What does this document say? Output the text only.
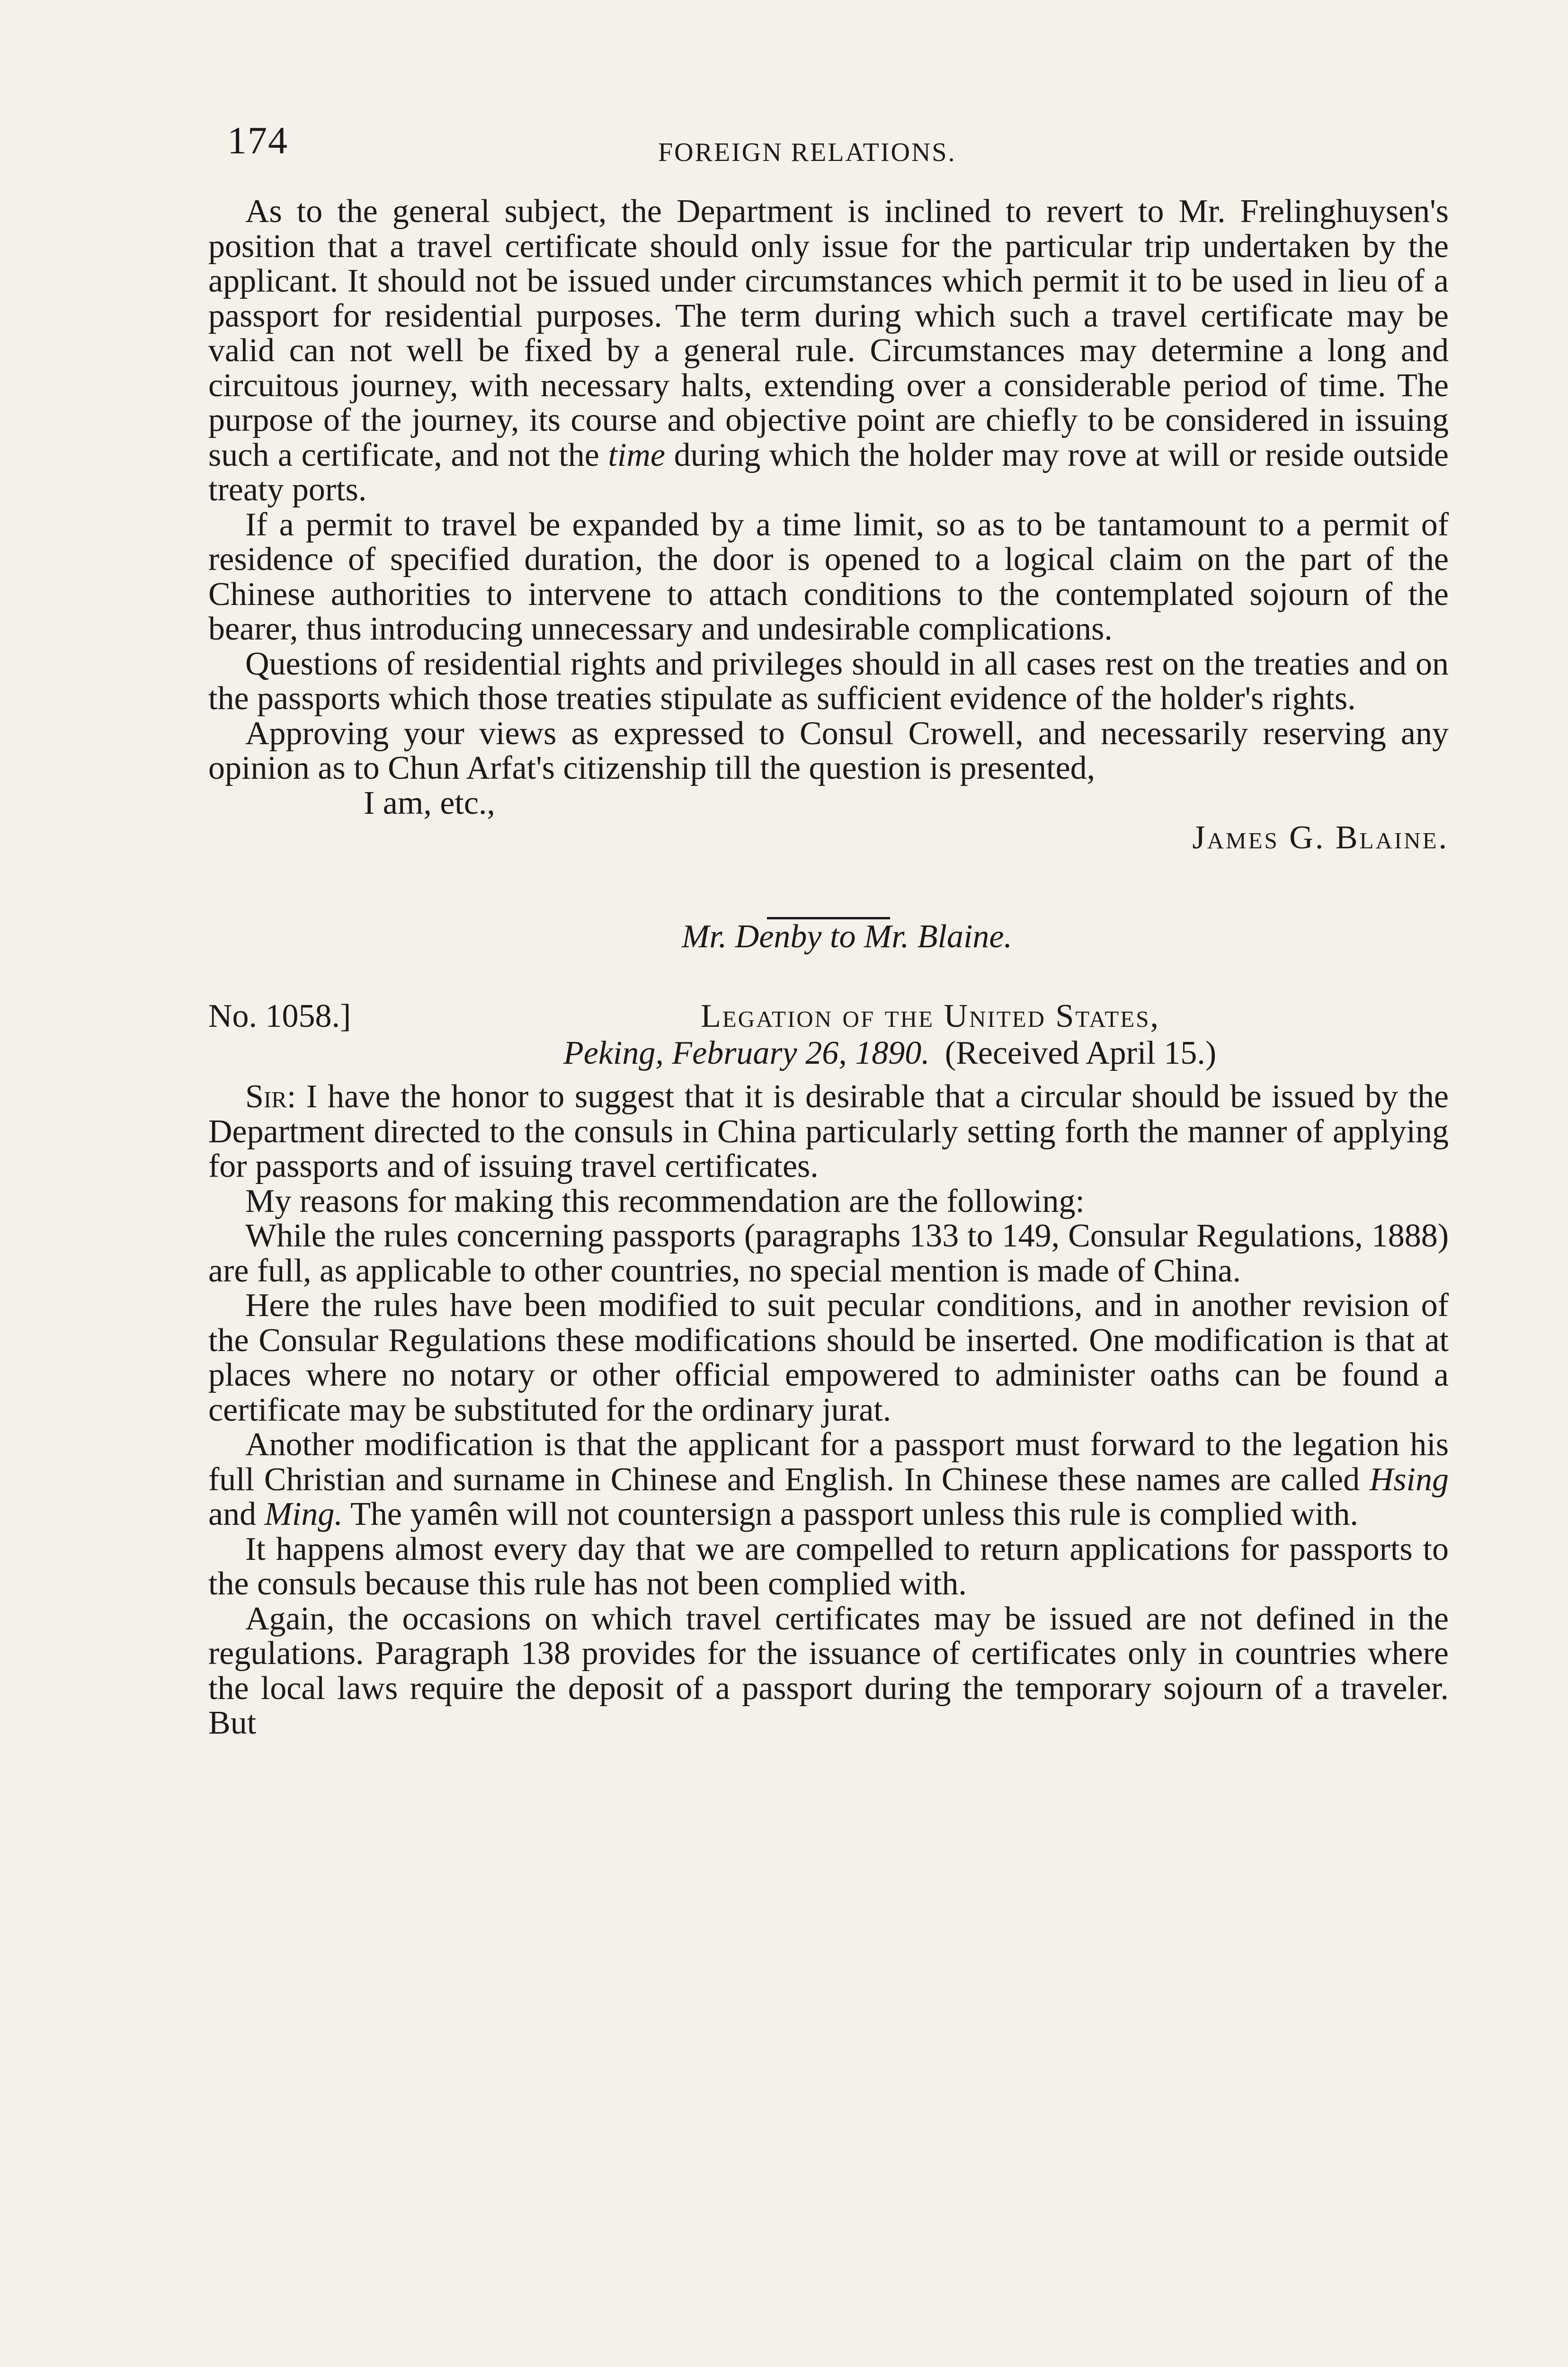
174	FOREIGN RELATIONS.

As to the general subject, the Department is inclined to revert to Mr. Frelinghuysen's position that a travel certificate should only issue for the particular trip undertaken by the applicant. It should not be issued under circumstances which permit it to be used in lieu of a passport for residential purposes. The term during which such a travel certificate may be valid can not well be fixed by a general rule. Circumstances may determine a long and circuitous journey, with necessary halts, extending over a considerable period of time. The purpose of the journey, its course and objective point are chiefly to be considered in issuing such a certificate, and not the time during which the holder may rove at will or reside outside treaty ports.

If a permit to travel be expanded by a time limit, so as to be tantamount to a permit of residence of specified duration, the door is opened to a logical claim on the part of the Chinese authorities to intervene to attach conditions to the contemplated sojourn of the bearer, thus introducing unnecessary and undesirable complications.

Questions of residential rights and privileges should in all cases rest on the treaties and on the passports which those treaties stipulate as sufficient evidence of the holder's rights.

Approving your views as expressed to Consul Crowell, and necessarily reserving any opinion as to Chun Arfat's citizenship till the question is presented,

I am, etc.,

James G. Blaine.

Mr. Denby to Mr. Blaine.

No. 1058.]	Legation of the United States,
Peking, February 26, 1890. (Received April 15.)

Sir: I have the honor to suggest that it is desirable that a circular should be issued by the Department directed to the consuls in China particularly setting forth the manner of applying for passports and of issuing travel certificates.

My reasons for making this recommendation are the following:

While the rules concerning passports (paragraphs 133 to 149, Consular Regulations, 1888) are full, as applicable to other countries, no special mention is made of China.

Here the rules have been modified to suit pecular conditions, and in another revision of the Consular Regulations these modifications should be inserted. One modification is that at places where no notary or other official empowered to administer oaths can be found a certificate may be substituted for the ordinary jurat.

Another modification is that the applicant for a passport must forward to the legation his full Christian and surname in Chinese and English. In Chinese these names are called Hsing and Ming. The yamên will not countersign a passport unless this rule is complied with.

It happens almost every day that we are compelled to return applications for passports to the consuls because this rule has not been complied with.

Again, the occasions on which travel certificates may be issued are not defined in the regulations. Paragraph 138 provides for the issuance of certificates only in countries where the local laws require the deposit of a passport during the temporary sojourn of a traveler. But
